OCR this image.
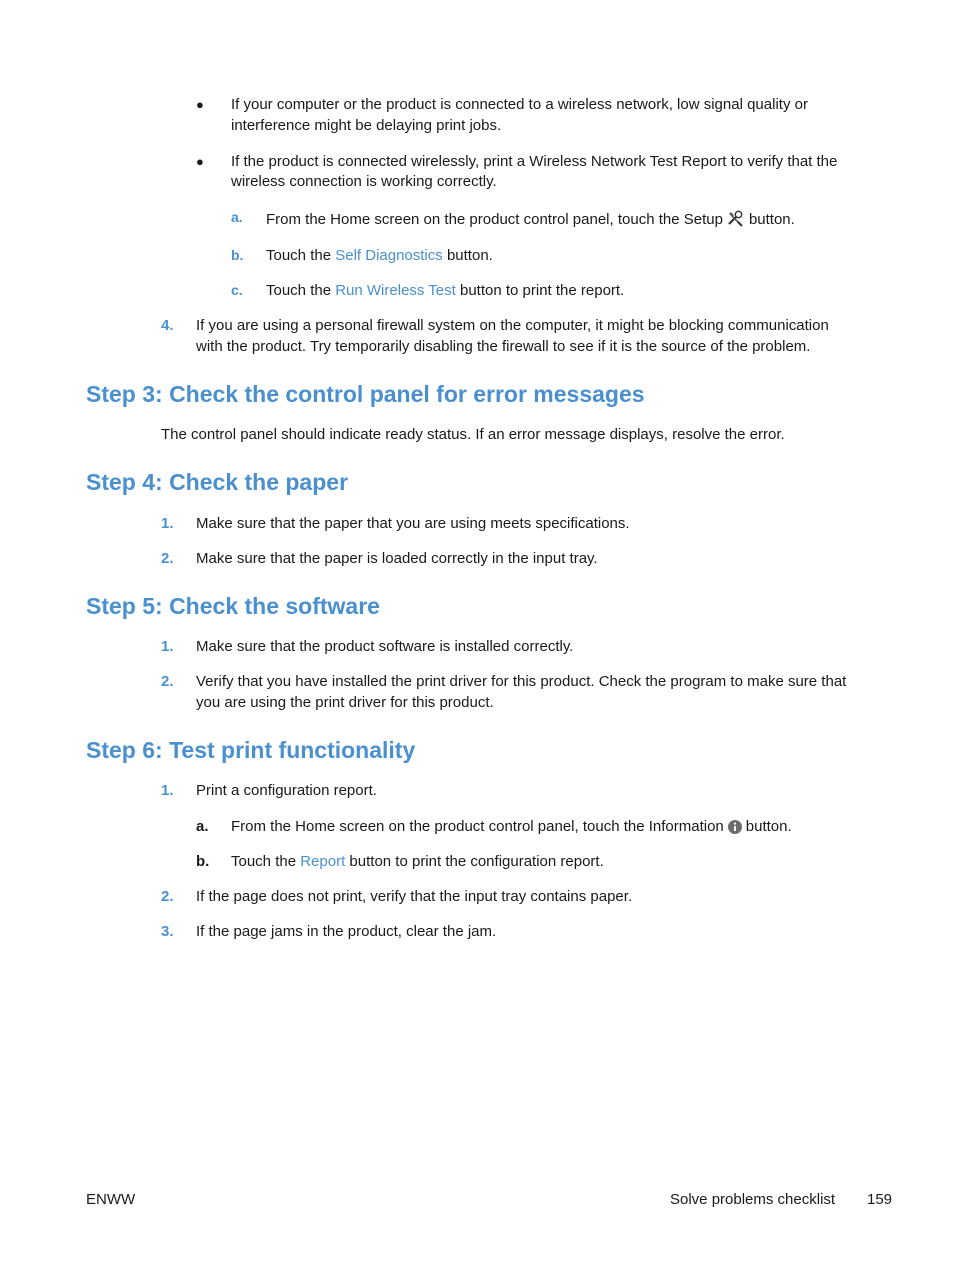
● If your computer or the product is connected to a wireless network, low signal quality or
interference might be delaying print jobs.
● If the product is connected wirelessly, print a Wireless Network Test Report to verify that the
wireless connection is working correctly.
a. From the Home screen on the product control panel, touch the Setup button.
b. Touch the Self Diagnostics button.
c. Touch the Run Wireless Test button to print the report.
4. If you are using a personal firewall system on the computer, it might be blocking communication
with the product. Try temporarily disabling the firewall to see if it is the source of the problem.
Step 3: Check the control panel for error messages
The control panel should indicate ready status. If an error message displays, resolve the error.
Step 4: Check the paper
1. Make sure that the paper that you are using meets specifications.
2. Make sure that the paper is loaded correctly in the input tray.
Step 5: Check the software
1. Make sure that the product software is installed correctly.
2. Verify that you have installed the print driver for this product. Check the program to make sure that
you are using the print driver for this product.
Step 6: Test print functionality
1. Print a configuration report.
a. From the Home screen on the product control panel, touch the Information button.
b. Touch the Report button to print the configuration report.
2. If the page does not print, verify that the input tray contains paper.
3. If the page jams in the product, clear the jam.
ENWW	Solve problems checklist 159
